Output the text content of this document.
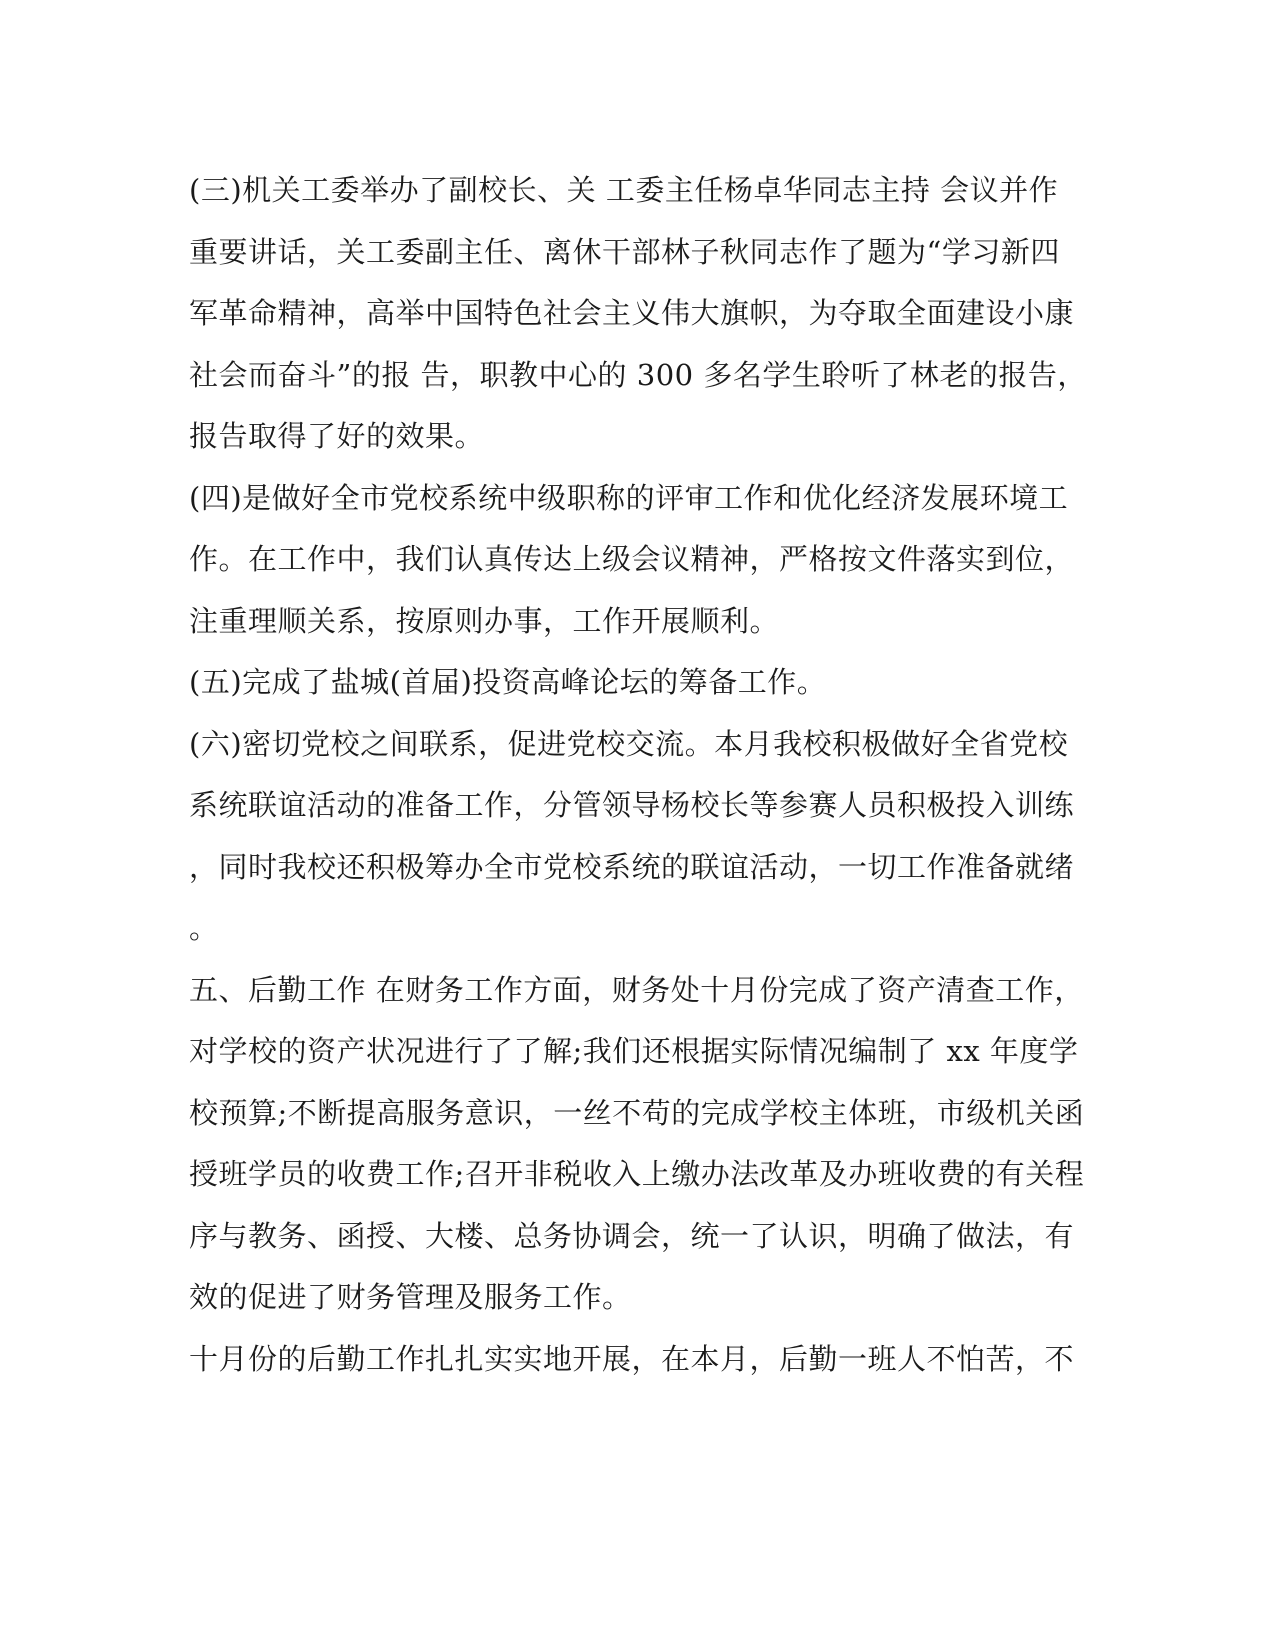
(三)机关工委举办了副校长、关 工委主任杨卓华同志主持 会议并作
重要讲话，关工委副主任、离休干部林子秋同志作了题为“学习新四
军革命精神，高举中国特色社会主义伟大旗帜，为夺取全面建设小康
社会而奋斗”的报 告，职教中心的 300 多名学生聆听了林老的报告，
报告取得了好的效果。
(四)是做好全市党校系统中级职称的评审工作和优化经济发展环境工
作。在工作中，我们认真传达上级会议精神，严格按文件落实到位，
注重理顺关系，按原则办事，工作开展顺利。
(五)完成了盐城(首届)投资高峰论坛的筹备工作。
(六)密切党校之间联系，促进党校交流。本月我校积极做好全省党校
系统联谊活动的准备工作，分管领导杨校长等参赛人员积极投入训练
，同时我校还积极筹办全市党校系统的联谊活动，一切工作准备就绪
。
五、后勤工作 在财务工作方面，财务处十月份完成了资产清查工作，
对学校的资产状况进行了了解;我们还根据实际情况编制了 xx 年度学
校预算;不断提高服务意识，一丝不苟的完成学校主体班，市级机关函
授班学员的收费工作;召开非税收入上缴办法改革及办班收费的有关程
序与教务、函授、大楼、总务协调会，统一了认识，明确了做法，有
效的促进了财务管理及服务工作。
十月份的后勤工作扎扎实实地开展，在本月，后勤一班人不怕苦，不
